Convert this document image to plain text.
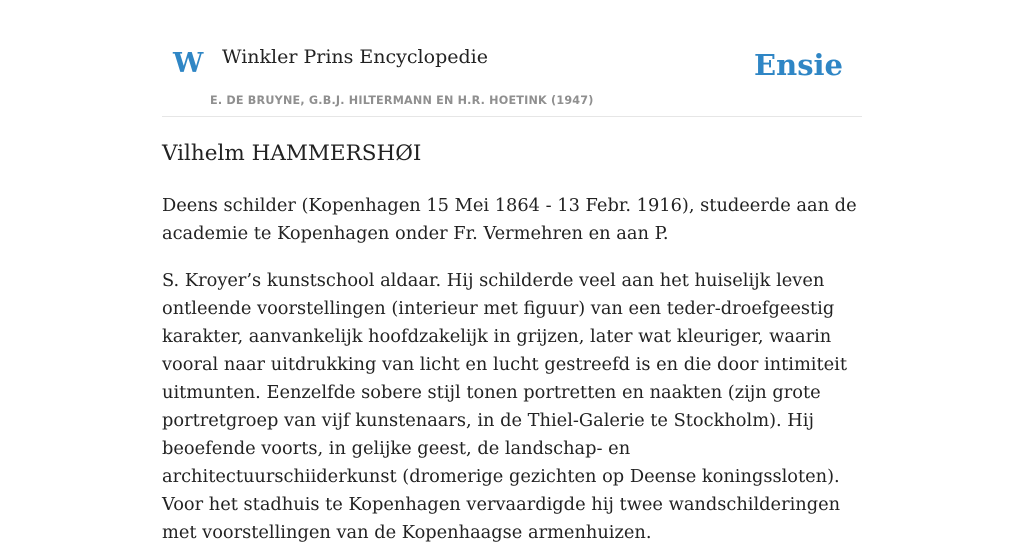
W Winkler Prins Encyclopedie
E. DE BRUYNE, G.B.J. HILTERMANN EN H.R. HOETINK (1947)
Ensie
Vilhelm HAMMERSHØI

Deens schilder (Kopenhagen 15 Mei 1864 - 13 Febr. 1916), studeerde aan de academie te Kopenhagen onder Fr. Vermehren en aan P.

S. Kroyer’s kunstschool aldaar. Hij schilderde veel aan het huiselijk leven ontleende voorstellingen (interieur met figuur) van een teder-droefgeestig karakter, aanvankelijk hoofdzakelijk in grijzen, later wat kleuriger, waarin vooral naar uitdrukking van licht en lucht gestreefd is en die door intimiteit uitmunten. Eenzelfde sobere stijl tonen portretten en naakten (zijn grote portretgroep van vijf kunstenaars, in de Thiel-Galerie te Stockholm). Hij beoefende voorts, in gelijke geest, de landschap- en architectuurschiiderkunst (dromerige gezichten op Deense koningssloten). Voor het stadhuis te Kopenhagen vervaardigde hij twee wandschilderingen met voorstellingen van de Kopenhaagse armenhuizen.
